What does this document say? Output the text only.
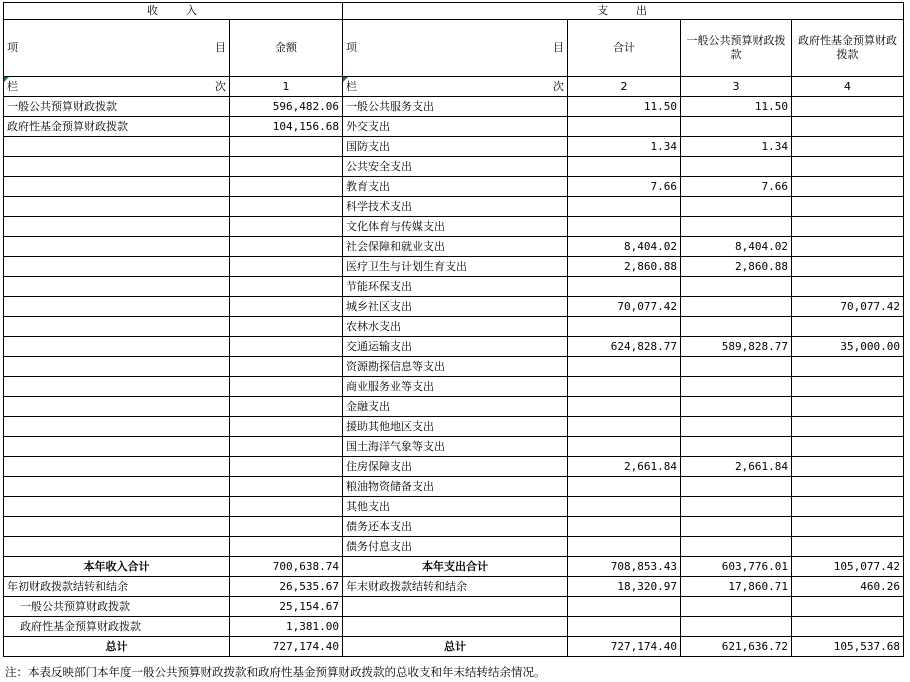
收　　入		支　　出			

项 目	金额	项 目	合计	一般公共预算财政拨款	政府性基金预算财政拨款

栏 次	1	栏 次	2	3	4
一般公共预算财政拨款	596,482.06	一般公共服务支出	11.50	11.50	
政府性基金预算财政拨款	104,156.68	外交支出			
		国防支出	1.34	1.34	
		公共安全支出			
		教育支出	7.66	7.66	
		科学技术支出			
		文化体育与传媒支出			
		社会保障和就业支出	8,404.02	8,404.02	
		医疗卫生与计划生育支出	2,860.88	2,860.88	
		节能环保支出			
		城乡社区支出	70,077.42		70,077.42
		农林水支出			
		交通运输支出	624,828.77	589,828.77	35,000.00
		资源勘探信息等支出			
		商业服务业等支出			
		金融支出			
		援助其他地区支出			
		国土海洋气象等支出			
		住房保障支出	2,661.84	2,661.84	
		粮油物资储备支出			
		其他支出			
		债务还本支出			
		债务付息支出			
本年收入合计	700,638.74	本年支出合计	708,853.43	603,776.01	105,077.42
年初财政拨款结转和结余	26,535.67	年末财政拨款结转和结余	18,320.97	17,860.71	460.26
一般公共预算财政拨款	25,154.67				
政府性基金预算财政拨款	1,381.00				
总计	727,174.40	总计	727,174.40	621,636.72	105,537.68
注：本表反映部门本年度一般公共预算财政拨款和政府性基金预算财政拨款的总收支和年末结转结余情况。
